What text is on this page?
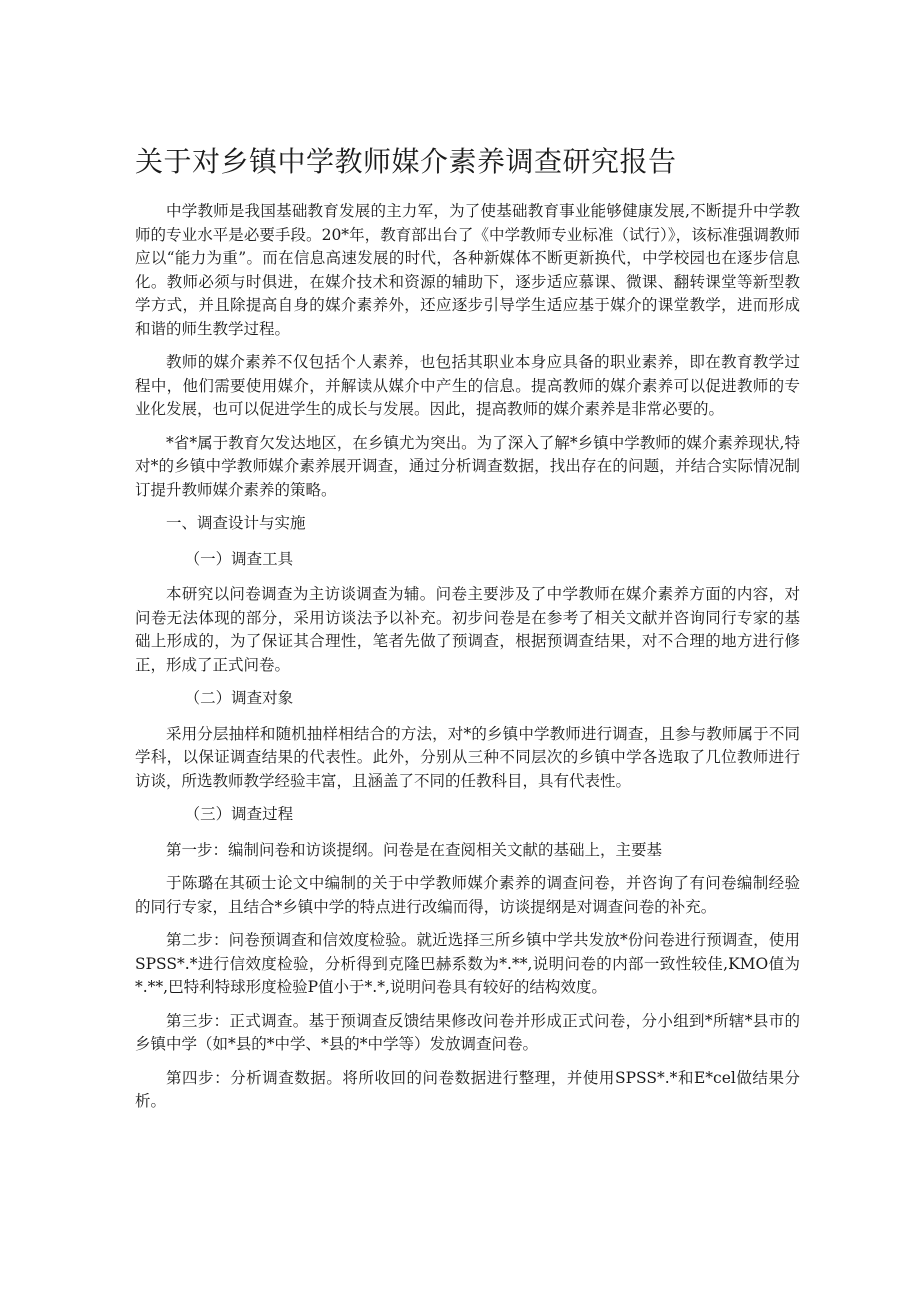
关于对乡镇中学教师媒介素养调查研究报告

中学教师是我国基础教育发展的主力军，为了使基础教育事业能够健康发展,不断提升中学教师的专业水平是必要手段。20*年，教育部出台了《中学教师专业标准（试行）》，该标准强调教师应以“能力为重”。而在信息高速发展的时代，各种新媒体不断更新换代，中学校园也在逐步信息化。教师必须与时俱进，在媒介技术和资源的辅助下，逐步适应慕课、微课、翻转课堂等新型教学方式，并且除提高自身的媒介素养外，还应逐步引导学生适应基于媒介的课堂教学，进而形成和谐的师生教学过程。

教师的媒介素养不仅包括个人素养，也包括其职业本身应具备的职业素养，即在教育教学过程中，他们需要使用媒介，并解读从媒介中产生的信息。提高教师的媒介素养可以促进教师的专业化发展，也可以促进学生的成长与发展。因此，提高教师的媒介素养是非常必要的。

*省*属于教育欠发达地区，在乡镇尤为突出。为了深入了解*乡镇中学教师的媒介素养现状,特对*的乡镇中学教师媒介素养展开调查，通过分析调查数据，找出存在的问题，并结合实际情况制订提升教师媒介素养的策略。

一、调查设计与实施
（一）调查工具

本研究以问卷调查为主访谈调查为辅。问卷主要涉及了中学教师在媒介素养方面的内容，对问卷无法体现的部分，采用访谈法予以补充。初步问卷是在参考了相关文献并咨询同行专家的基础上形成的，为了保证其合理性，笔者先做了预调查，根据预调查结果，对不合理的地方进行修正，形成了正式问卷。

（二）调查对象

采用分层抽样和随机抽样相结合的方法，对*的乡镇中学教师进行调查，且参与教师属于不同学科，以保证调查结果的代表性。此外，分别从三种不同层次的乡镇中学各选取了几位教师进行访谈，所选教师教学经验丰富，且涵盖了不同的任教科目，具有代表性。

（三）调查过程

第一步：编制问卷和访谈提纲。问卷是在查阅相关文献的基础上，主要基

于陈璐在其硕士论文中编制的关于中学教师媒介素养的调查问卷，并咨询了有问卷编制经验的同行专家，且结合*乡镇中学的特点进行改编而得，访谈提纲是对调查问卷的补充。

第二步：问卷预调查和信效度检验。就近选择三所乡镇中学共发放*份问卷进行预调查，使用SPSS*.*进行信效度检验，分析得到克隆巴赫系数为*.**,说明问卷的内部一致性较佳,KMO值为*.**,巴特利特球形度检验P值小于*.*,说明问卷具有较好的结构效度。

第三步：正式调查。基于预调查反馈结果修改问卷并形成正式问卷，分小组到*所辖*县市的乡镇中学（如*县的*中学、*县的*中学等）发放调查问卷。

第四步：分析调查数据。将所收回的问卷数据进行整理，并使用SPSS*.*和E*cel做结果分析。
